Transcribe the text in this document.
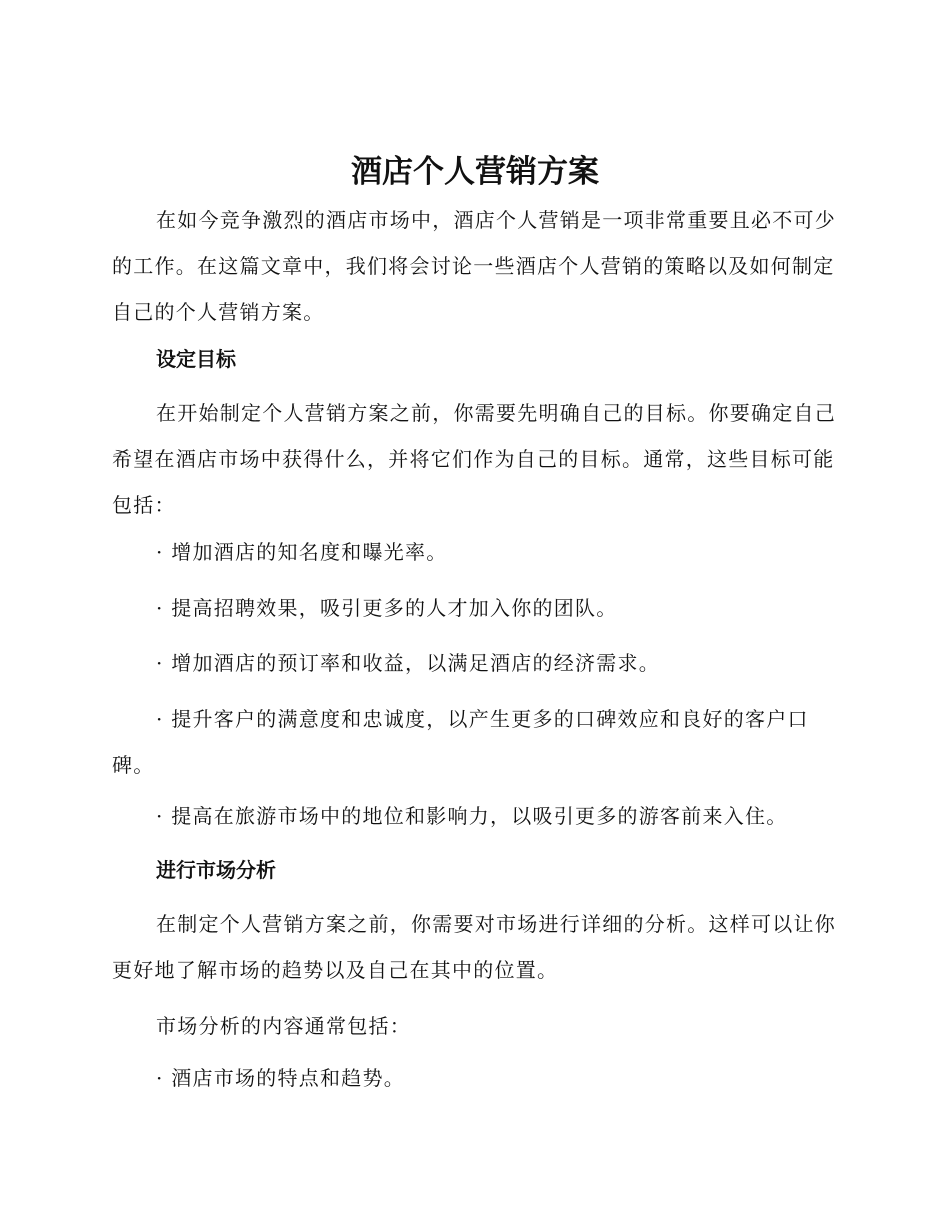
酒店个人营销方案

在如今竞争激烈的酒店市场中，酒店个人营销是一项非常重要且必不可少的工作。在这篇文章中，我们将会讨论一些酒店个人营销的策略以及如何制定自己的个人营销方案。

设定目标

在开始制定个人营销方案之前，你需要先明确自己的目标。你要确定自己希望在酒店市场中获得什么，并将它们作为自己的目标。通常，这些目标可能包括：

· 增加酒店的知名度和曝光率。

· 提高招聘效果，吸引更多的人才加入你的团队。

· 增加酒店的预订率和收益，以满足酒店的经济需求。

· 提升客户的满意度和忠诚度，以产生更多的口碑效应和良好的客户口碑。

· 提高在旅游市场中的地位和影响力，以吸引更多的游客前来入住。

进行市场分析

在制定个人营销方案之前，你需要对市场进行详细的分析。这样可以让你更好地了解市场的趋势以及自己在其中的位置。

市场分析的内容通常包括：

· 酒店市场的特点和趋势。
